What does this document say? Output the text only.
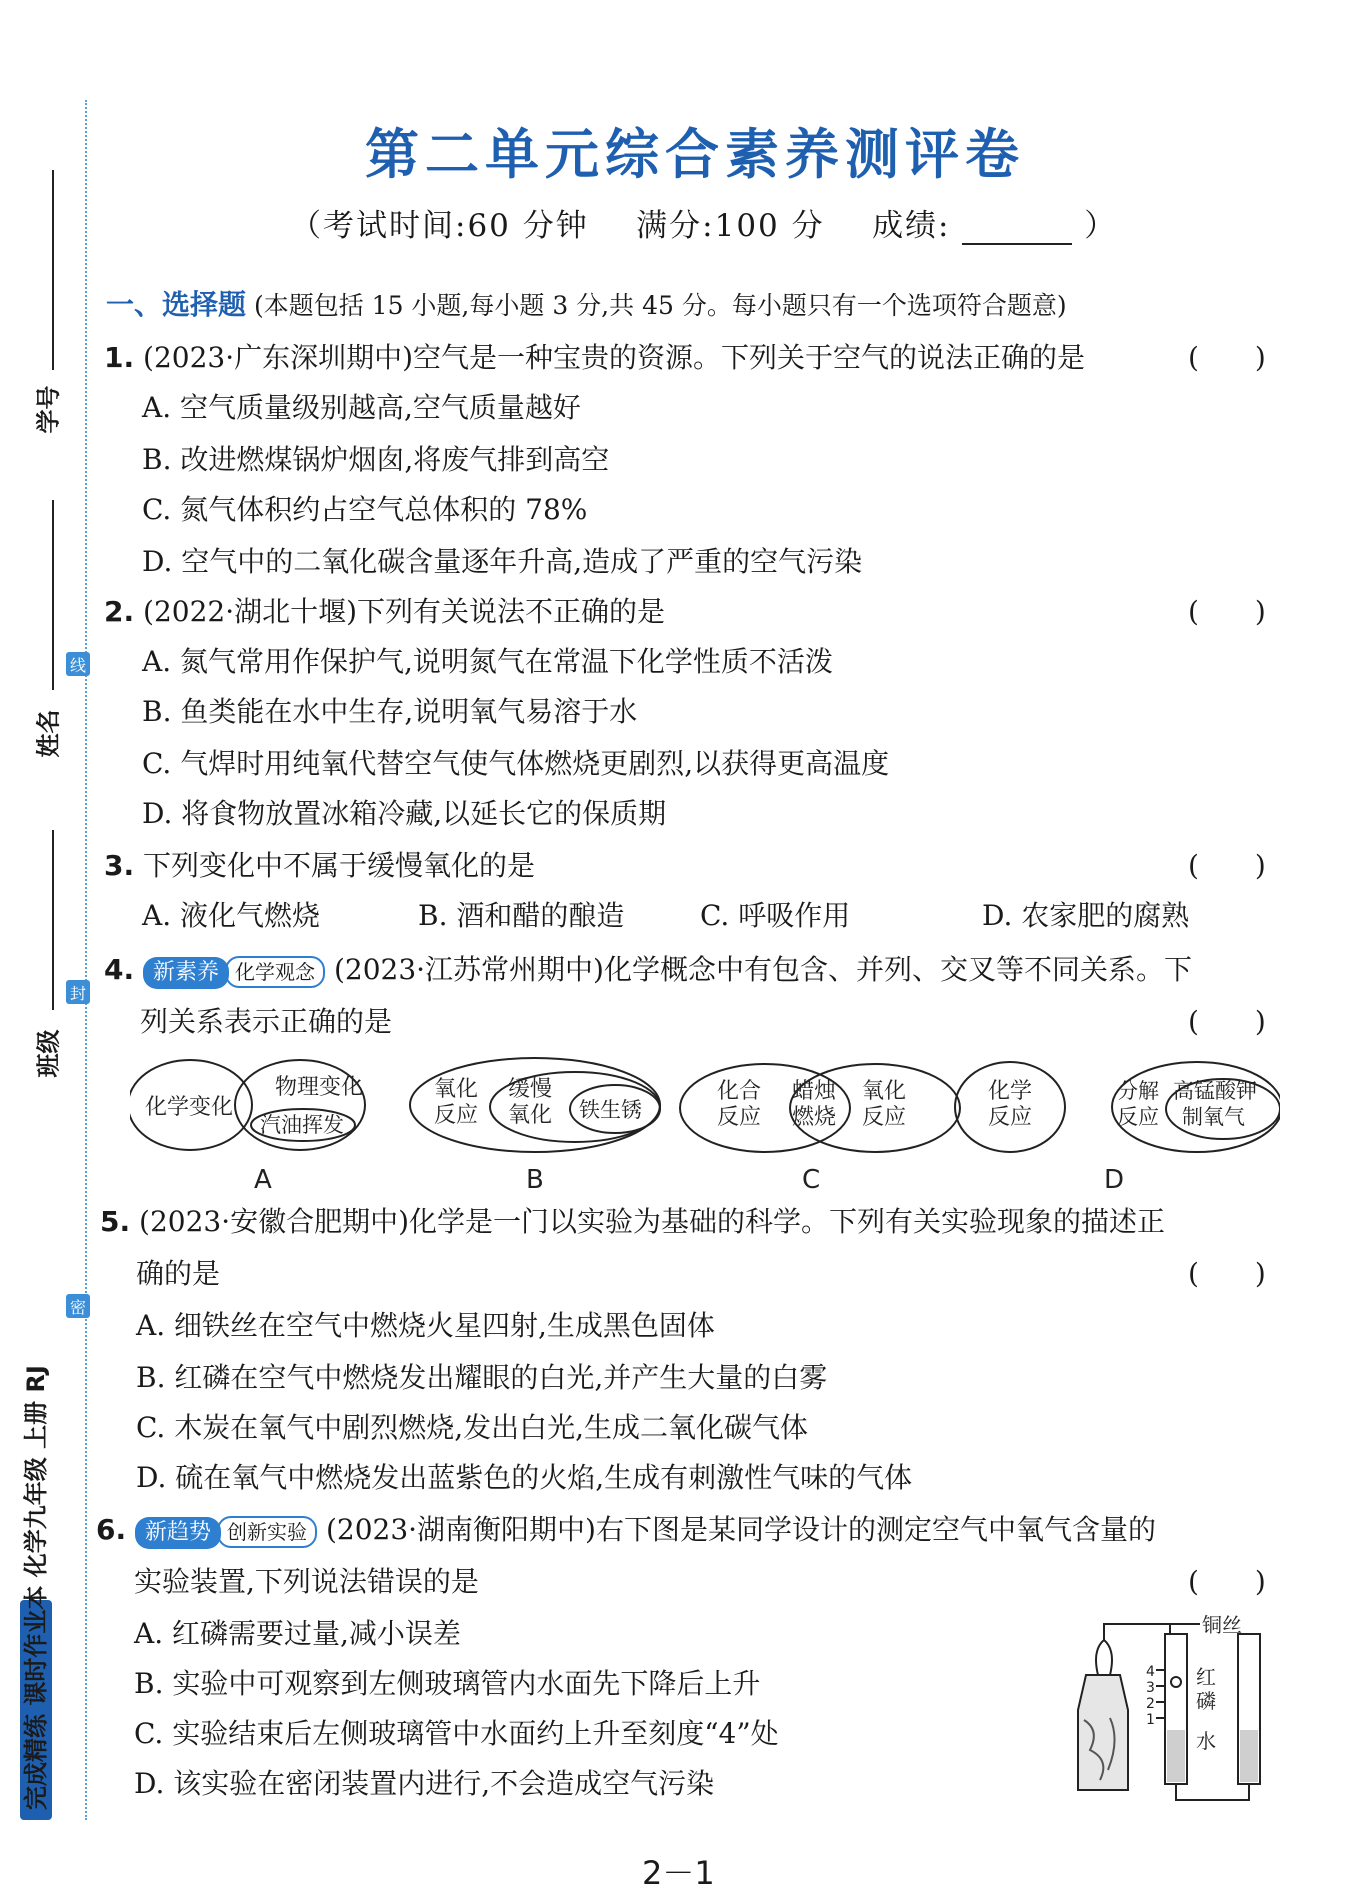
学号
姓名
班级
线
封
密
完成精练 课时作业本 化学九年级 上册 RJ
第二单元综合素养测评卷
（考试时间:60 分钟 满分:100 分 成绩:	）
一、选择题 (本题包括 15 小题,每小题 3 分,共 45 分。每小题只有一个选项符合题意)
1. (2023·广东深圳期中)空气是一种宝贵的资源。下列关于空气的说法正确的是	(　　)
A. 空气质量级别越高,空气质量越好
B. 改进燃煤锅炉烟囱,将废气排到高空
C. 氮气体积约占空气总体积的 78%
D. 空气中的二氧化碳含量逐年升高,造成了严重的空气污染
2. (2022·湖北十堰)下列有关说法不正确的是	(　　)
A. 氮气常用作保护气,说明氮气在常温下化学性质不活泼
B. 鱼类能在水中生存,说明氧气易溶于水
C. 气焊时用纯氧代替空气使气体燃烧更剧烈,以获得更高温度
D. 将食物放置冰箱冷藏,以延长它的保质期
3. 下列变化中不属于缓慢氧化的是	(　　)
A. 液化气燃烧	B. 酒和醋的酿造	C. 呼吸作用	D. 农家肥的腐熟
4. 新素养 化学观念 (2023·江苏常州期中)化学概念中有包含、并列、交叉等不同关系。下
列关系表示正确的是	(　　)
化学变化
物理变化
汽油挥发
A
氧化
反应
缓慢
氧化 铁生锈
B
化合
反应
蜡烛
燃烧
氧化
反应
C
化学
反应
分解
反应
高锰酸钾
制氧气
D
5. (2023·安徽合肥期中)化学是一门以实验为基础的科学。下列有关实验现象的描述正
确的是	(　　)
A. 细铁丝在空气中燃烧火星四射,生成黑色固体
B. 红磷在空气中燃烧发出耀眼的白光,并产生大量的白雾
C. 木炭在氧气中剧烈燃烧,发出白光,生成二氧化碳气体
D. 硫在氧气中燃烧发出蓝紫色的火焰,生成有刺激性气味的气体
6. 新趋势 创新实验 (2023·湖南衡阳期中)右下图是某同学设计的测定空气中氧气含量的
实验装置,下列说法错误的是	(　　)
A. 红磷需要过量,减小误差
B. 实验中可观察到左侧玻璃管内水面先下降后上升
C. 实验结束后左侧玻璃管中水面约上升至刻度“4”处
D. 该实验在密闭装置内进行,不会造成空气污染
铜丝
红
磷
水
4
3
2
1
2－1
